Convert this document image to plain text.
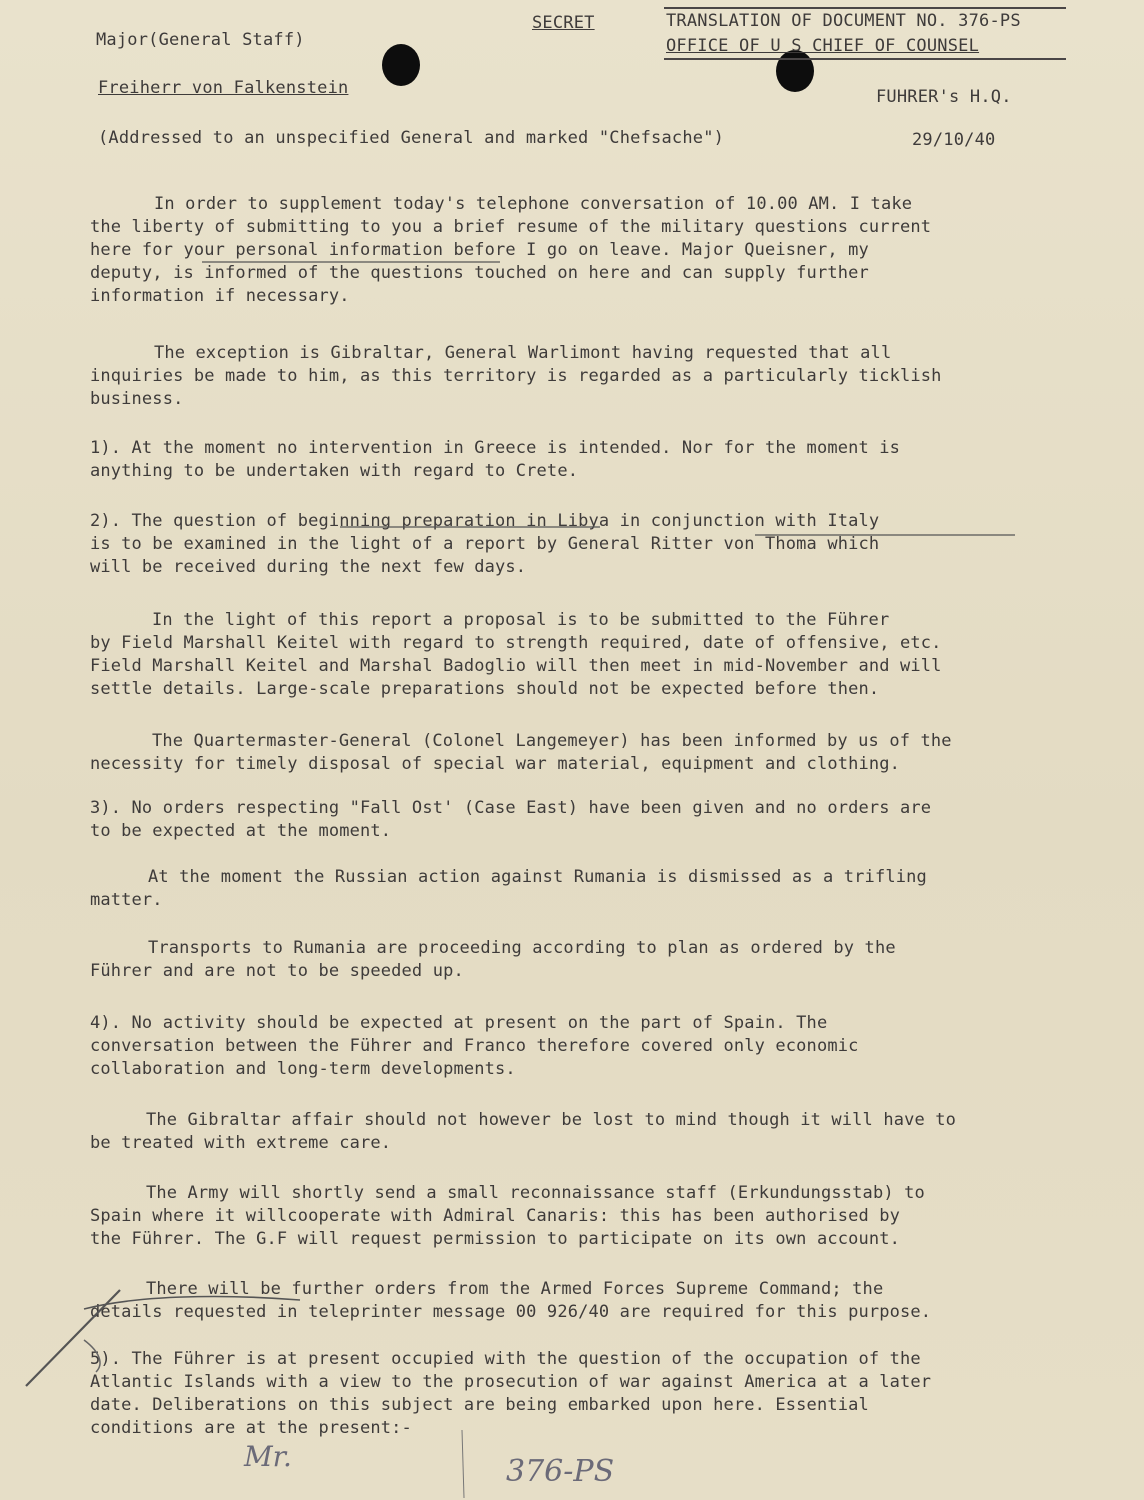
Major(General Staff)
Freiherr von Falkenstein
SECRET	TRANSLATION OF DOCUMENT NO. 376-PS
OFFICE OF U S CHIEF OF COUNSEL
FUHRER's H.Q.
(Addressed to an unspecified General and marked "Chefsache")	29/10/40
In order to supplement today's telephone conversation of 10.00 AM. I take
the liberty of submitting to you a brief resume of the military questions current
here for your personal information before I go on leave. Major Queisner, my
deputy, is informed of the questions touched on here and can supply further
information if necessary.
The exception is Gibraltar, General Warlimont having requested that all
inquiries be made to him, as this territory is regarded as a particularly ticklish
business.
1). At the moment no intervention in Greece is intended. Nor for the moment is
anything to be undertaken with regard to Crete.
2). The question of beginning preparation in Libya in conjunction with Italy
is to be examined in the light of a report by General Ritter von Thoma which
will be received during the next few days.
In the light of this report a proposal is to be submitted to the Führer
by Field Marshall Keitel with regard to strength required, date of offensive, etc.
Field Marshall Keitel and Marshal Badoglio will then meet in mid-November and will
settle details. Large-scale preparations should not be expected before then.
The Quartermaster-General (Colonel Langemeyer) has been informed by us of the
necessity for timely disposal of special war material, equipment and clothing.
3). No orders respecting "Fall Ost' (Case East) have been given and no orders are
to be expected at the moment.
At the moment the Russian action against Rumania is dismissed as a trifling
matter.
Transports to Rumania are proceeding according to plan as ordered by the
Führer and are not to be speeded up.
4). No activity should be expected at present on the part of Spain. The
conversation between the Führer and Franco therefore covered only economic
collaboration and long-term developments.
The Gibraltar affair should not however be lost to mind though it will have to
be treated with extreme care.
The Army will shortly send a small reconnaissance staff (Erkundungsstab) to
Spain where it willcooperate with Admiral Canaris: this has been authorised by
the Führer. The G.F will request permission to participate on its own account.
There will be further orders from the Armed Forces Supreme Command; the
details requested in teleprinter message 00 926/40 are required for this purpose.
5). The Führer is at present occupied with the question of the occupation of the
Atlantic Islands with a view to the prosecution of war against America at a later
date. Deliberations on this subject are being embarked upon here. Essential
conditions are at the present:-
Mr.	376-PS
